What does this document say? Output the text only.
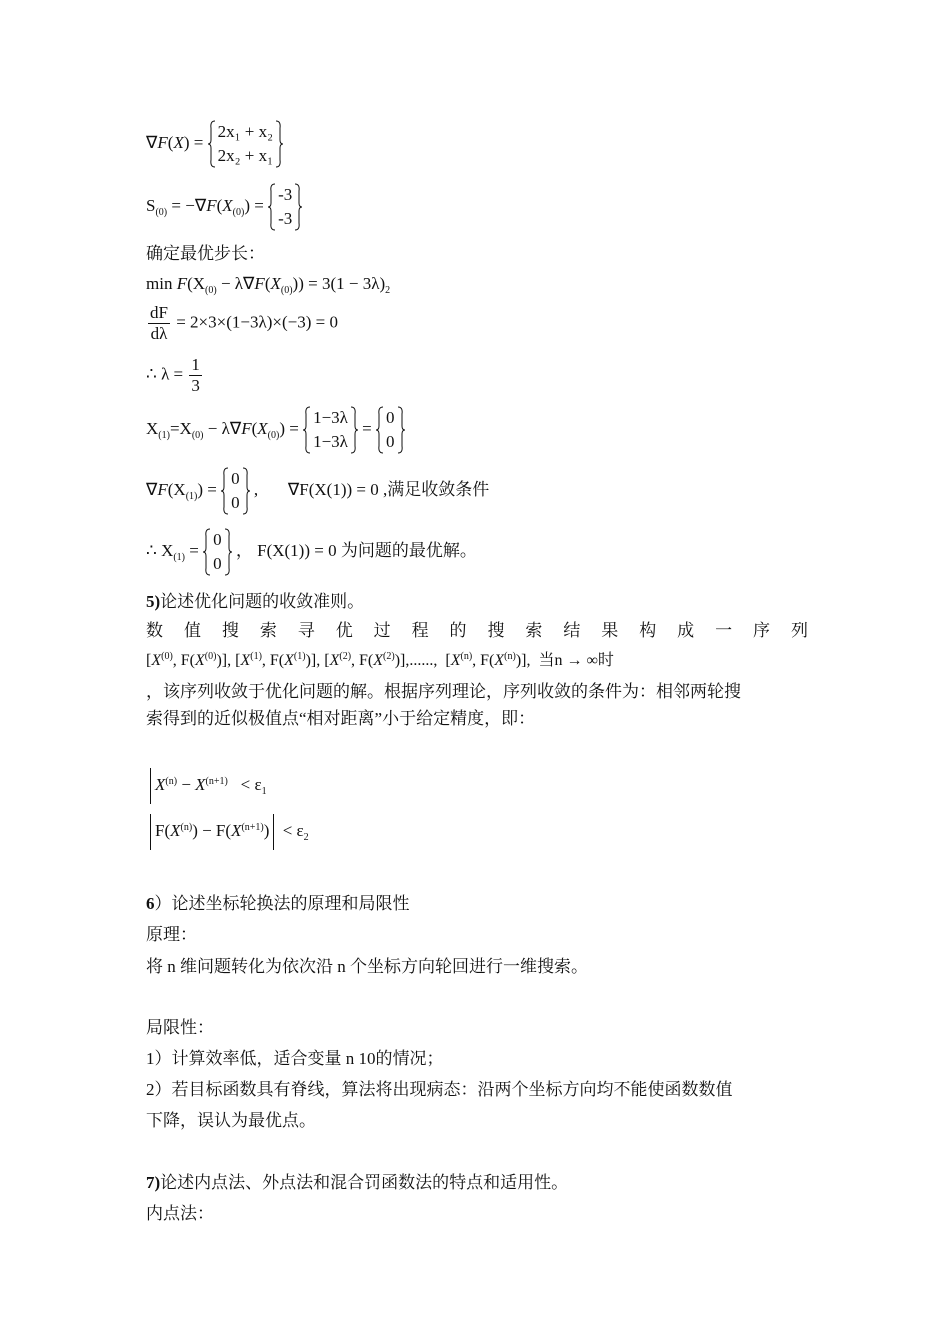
∇F(X) =
2x₁ + x₂
2x₂ + x₁
$S_{(0)} = -\nabla F(X_{(0)})$ =
-3
-3
确定最优步长：
$\min F(X_{(0)} - \lambda\nabla F(X_{(0)})) = 3(1 - 3\lambda)_2$
$\frac{dF}{d\lambda} = 2\times 3\times(1-3\lambda)\times(-3) = 0$
∴ $\lambda = \frac{1}{3}$
$X_{(1)}=X_{(0)} - \lambda\nabla F(X_{(0)})$ =
1−3λ
1−3λ
=
0
0
$\nabla F(X_{(1)})$ =
0
0
,       ∇F(X(1)) = 0 ,满足收敛条件
∴ $X_{(1)}$ =
0
0
， F(X(1)) = 0 为问题的最优解。
5)论述优化问题的收敛准则。
数 值 搜 索 寻 优 过 程 的 搜 索 结 果 构 成 一 序 列
[$X^{(0)}$, $F(X^{(0)})$], [$X^{(1)}$, $F(X^{(1)})$], [$X^{(2)}$, $F(X^{(2)})$],......,  [$X^{(n)}$, $F(X^{(n)})$],  当n → ∞时
，该序列收敛于优化问题的解。根据序列理论，序列收敛的条件为：相邻两轮搜
索得到的近似极值点“相对距离”小于给定精度，即：
$X^{(n)} - X^{(n+1)} < \varepsilon_1$
$F(X^{(n)}) - F(X^{(n+1)}) < \varepsilon_2$
6）论述坐标轮换法的原理和局限性
原理：
将 n 维问题转化为依次沿 n 个坐标方向轮回进行一维搜索。
局限性：
1）计算效率低，适合变量 n 10的情况；
2）若目标函数具有脊线，算法将出现病态：沿两个坐标方向均不能使函数数值
下降，误认为最优点。
7)论述内点法、外点法和混合罚函数法的特点和适用性。
内点法：
